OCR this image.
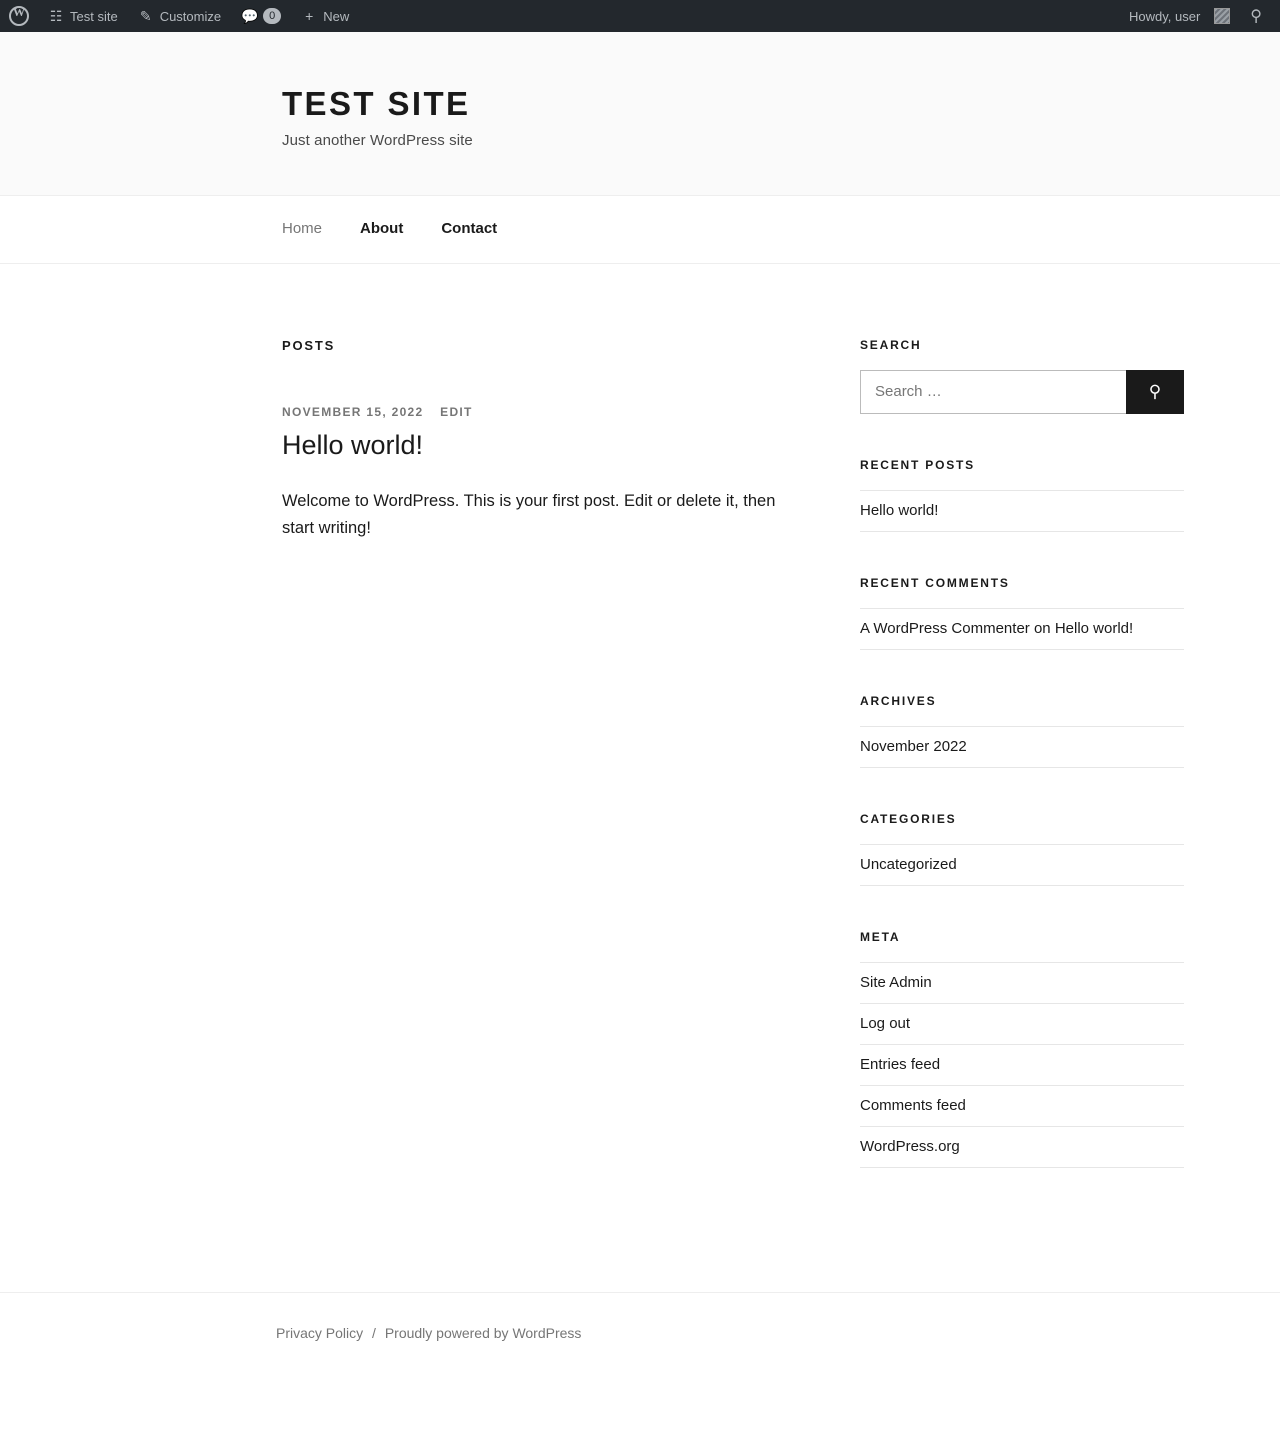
W
☷ Test site ✎ Customize 💬 0	+ New	Howdy, user	⚲
TEST SITE

Just another WordPress site

Home	About	Contact
POSTS
NOVEMBER 15, 2022 EDIT
Hello world!

Welcome to WordPress. This is your first post. Edit or delete it, then start writing!

SEARCH
Search …
⚲
RECENT POSTS
Hello world!
RECENT COMMENTS
A WordPress Commenter on Hello world!
ARCHIVES
November 2022
CATEGORIES
Uncategorized
META
Site Admin
Log out
Entries feed
Comments feed
WordPress.org
Privacy Policy / Proudly powered by WordPress
